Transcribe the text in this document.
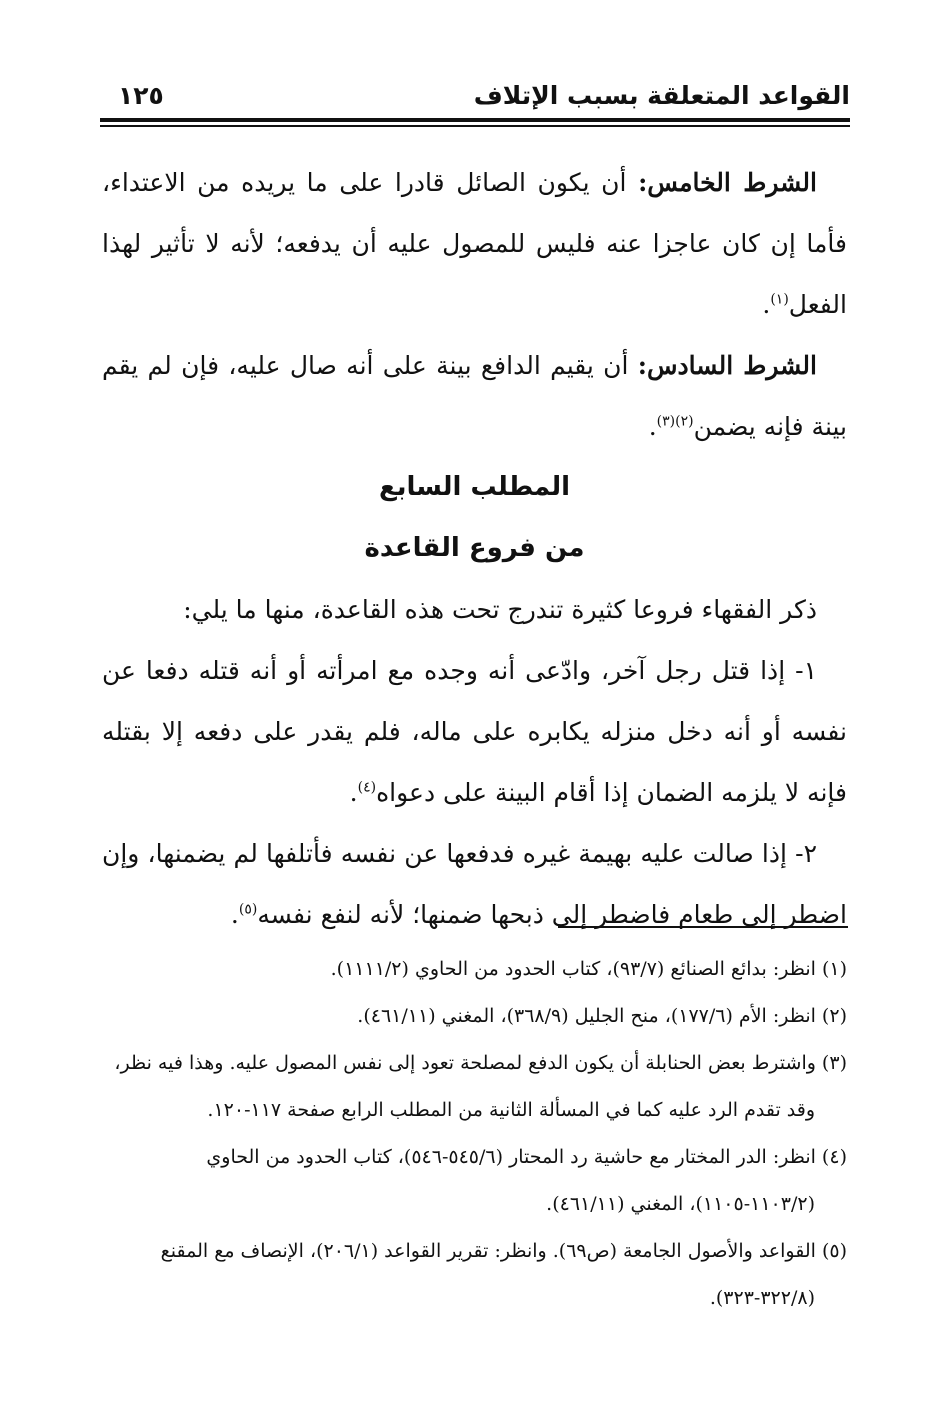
القواعد المتعلقة بسبب الإتلاف
١٢٥

الشرط الخامس: أن يكون الصائل قادرا على ما يريده من الاعتداء، فأما إن كان عاجزا عنه فليس للمصول عليه أن يدفعه؛ لأنه لا تأثير لهذا الفعل$^{(١)}$.

الشرط السادس: أن يقيم الدافع بينة على أنه صال عليه، فإن لم يقم بينة فإنه يضمن$^{(٢)(٣)}$.

المطلب السابع

من فروع القاعدة

ذكر الفقهاء فروعا كثيرة تندرج تحت هذه القاعدة، منها ما يلي:

١- إذا قتل رجل آخر، وادّعى أنه وجده مع امرأته أو أنه قتله دفعا عن نفسه أو أنه دخل منزله يكابره على ماله، فلم يقدر على دفعه إلا بقتله فإنه لا يلزمه الضمان إذا أقام البينة على دعواه$^{(٤)}$.

٢- إذا صالت عليه بهيمة غيره فدفعها عن نفسه فأتلفها لم يضمنها، وإن اضطر إلى طعام فاضطر إلى ذبحها ضمنها؛ لأنه لنفع نفسه$^{(٥)}$.

(١) انظر: بدائع الصنائع (٩٣/٧)، كتاب الحدود من الحاوي (١١١١/٢).

(٢) انظر: الأم (١٧٧/٦)، منح الجليل (٣٦٨/٩)، المغني (٤٦١/١١).

(٣) واشترط بعض الحنابلة أن يكون الدفع لمصلحة تعود إلى نفس المصول عليه. وهذا فيه نظر،
وقد تقدم الرد عليه كما في المسألة الثانية من المطلب الرابع صفحة ١١٧-١٢٠.

(٤) انظر: الدر المختار مع حاشية رد المحتار (٥٤٥/٦-٥٤٦)، كتاب الحدود من الحاوي
(١١٠٣/٢-١١٠٥)، المغني (٤٦١/١١).

(٥) القواعد والأصول الجامعة (ص٦٩). وانظر: تقرير القواعد (٢٠٦/١)، الإنصاف مع المقنع
(٣٢٢/٨-٣٢٣).
